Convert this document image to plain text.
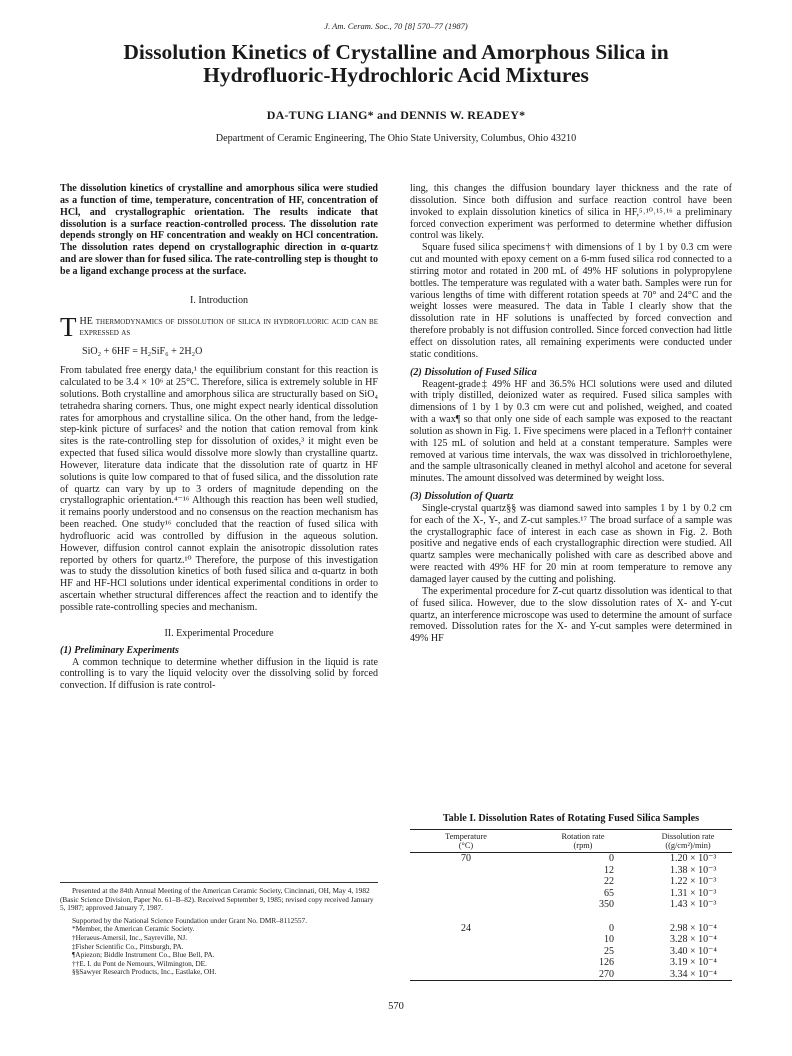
J. Am. Ceram. Soc., 70 [8] 570–77 (1987)
Dissolution Kinetics of Crystalline and Amorphous Silica in
Hydrofluoric-Hydrochloric Acid Mixtures
DA-TUNG LIANG* and DENNIS W. READEY*
Department of Ceramic Engineering, The Ohio State University, Columbus, Ohio 43210

The dissolution kinetics of crystalline and amorphous silica were studied as a function of time, temperature, concentration of HF, concentration of HCl, and crystallographic orientation. The results indicate that dissolution is a surface reaction-controlled process. The dissolution rate depends strongly on HF concentration and weakly on HCl concentration. The dissolution rates depend on crystallographic direction in α-quartz and are slower than for fused silica. The rate-controlling step is thought to be a ligand exchange process at the surface.

I. Introduction

THE thermodynamics of dissolution of silica in hydrofluoric acid can be expressed as

SiO₂ + 6HF = H₂SiF₆ + 2H₂O

From tabulated free energy data,¹ the equilibrium constant for this reaction is calculated to be 3.4 × 10⁶ at 25°C. Therefore, silica is extremely soluble in HF solutions. Both crystalline and amorphous silica are structurally based on SiO₄ tetrahedra sharing corners. Thus, one might expect nearly identical dissolution rates for amorphous and crystalline silica. On the other hand, from the ledge-step-kink picture of surfaces² and the notion that cation removal from kink sites is the rate-controlling step for dissolution of oxides,³ it might even be expected that fused silica would dissolve more slowly than crystalline quartz. However, literature data indicate that the dissolution rate of quartz in HF solutions is quite low compared to that of fused silica, and the dissolution rate of quartz can vary by up to 3 orders of magnitude depending on the crystallographic orientation.⁴⁻¹⁶ Although this reaction has been well studied, it remains poorly understood and no consensus on the reaction mechanism has been reached. One study¹⁶ concluded that the reaction of fused silica with hydrofluoric acid was controlled by diffusion in the aqueous solution. However, diffusion control cannot explain the anisotropic dissolution rates reported by others for quartz.¹⁰ Therefore, the purpose of this investigation was to study the dissolution kinetics of both fused silica and α-quartz in both HF and HF-HCl solutions under identical experimental conditions in order to ascertain whether structural differences affect the reaction and to identify the possible rate-controlling species and mechanism.

II. Experimental Procedure

(1) Preliminary Experiments

A common technique to determine whether diffusion in the liquid is rate controlling is to vary the liquid velocity over the dissolving solid by forced convection. If diffusion is rate control-

Presented at the 84th Annual Meeting of the American Ceramic Society, Cincinnati, OH, May 4, 1982 (Basic Science Division, Paper No. 61–B–82). Received September 9, 1985; revised copy received January 5, 1987; approved January 7, 1987.

Supported by the National Science Foundation under Grant No. DMR–8112557.

*Member, the American Ceramic Society.

†Heraeus-Amersil, Inc., Sayreville, NJ.

‡Fisher Scientific Co., Pittsburgh, PA.

¶Apiezon; Biddle Instrument Co., Blue Bell, PA.

††E. I. du Pont de Nemours, Wilmington, DE.

§§Sawyer Research Products, Inc., Eastlake, OH.

ling, this changes the diffusion boundary layer thickness and the rate of dissolution. Since both diffusion and surface reaction control have been invoked to explain dissolution kinetics of silica in HF,⁵˒¹⁰˒¹⁵˒¹⁶ a preliminary forced convection experiment was performed to determine whether diffusion control was likely.

Square fused silica specimens† with dimensions of 1 by 1 by 0.3 cm were cut and mounted with epoxy cement on a 6-mm fused silica rod connected to a stirring motor and rotated in 200 mL of 49% HF solutions in polypropylene bottles. The temperature was regulated with a water bath. Samples were run for various lengths of time with different rotation speeds at 70° and 24°C and the weight losses were measured. The data in Table I clearly show that the dissolution rate in HF solutions is unaffected by forced convection and therefore probably is not diffusion controlled. Since forced convection had little effect on dissolution rates, all remaining experiments were conducted under static conditions.

(2) Dissolution of Fused Silica

Reagent-grade‡ 49% HF and 36.5% HCl solutions were used and diluted with triply distilled, deionized water as required. Fused silica samples with dimensions of 1 by 1 by 0.3 cm were cut and polished, weighed, and coated with a wax¶ so that only one side of each sample was exposed to the reactant solution as shown in Fig. 1. Five specimens were placed in a Teflon†† container with 125 mL of solution and held at a constant temperature. Samples were removed at various time intervals, the wax was dissolved in trichloroethylene, and the sample ultrasonically cleaned in methyl alcohol and acetone for several minutes. The amount dissolved was determined by weight loss.

(3) Dissolution of Quartz

Single-crystal quartz§§ was diamond sawed into samples 1 by 1 by 0.2 cm for each of the X-, Y-, and Z-cut samples.¹⁷ The broad surface of a sample was the crystallographic face of interest in each case as shown in Fig. 2. Both positive and negative ends of each crystallographic direction were studied. All quartz samples were mechanically polished with care as described above and were reacted with 49% HF for 20 min at room temperature to remove any damaged layer caused by the cutting and polishing.

The experimental procedure for Z-cut quartz dissolution was identical to that of fused silica. However, due to the slow dissolution rates of X- and Y-cut quartz, an interference microscope was used to determine the amount of surface removed. Dissolution rates for the X- and Y-cut samples were determined in 49% HF

Table I. Dissolution Rates of Rotating Fused Silica Samples
Temperature
(°C)	Rotation rate
(rpm)	Dissolution rate
((g/cm²)/min)
70	0	1.20 × 10⁻³
	12	1.38 × 10⁻³
	22	1.22 × 10⁻³
	65	1.31 × 10⁻³
	350	1.43 × 10⁻³

24	0	2.98 × 10⁻⁴
	10	3.28 × 10⁻⁴
	25	3.40 × 10⁻⁴
	126	3.19 × 10⁻⁴
	270	3.34 × 10⁻⁴
570
